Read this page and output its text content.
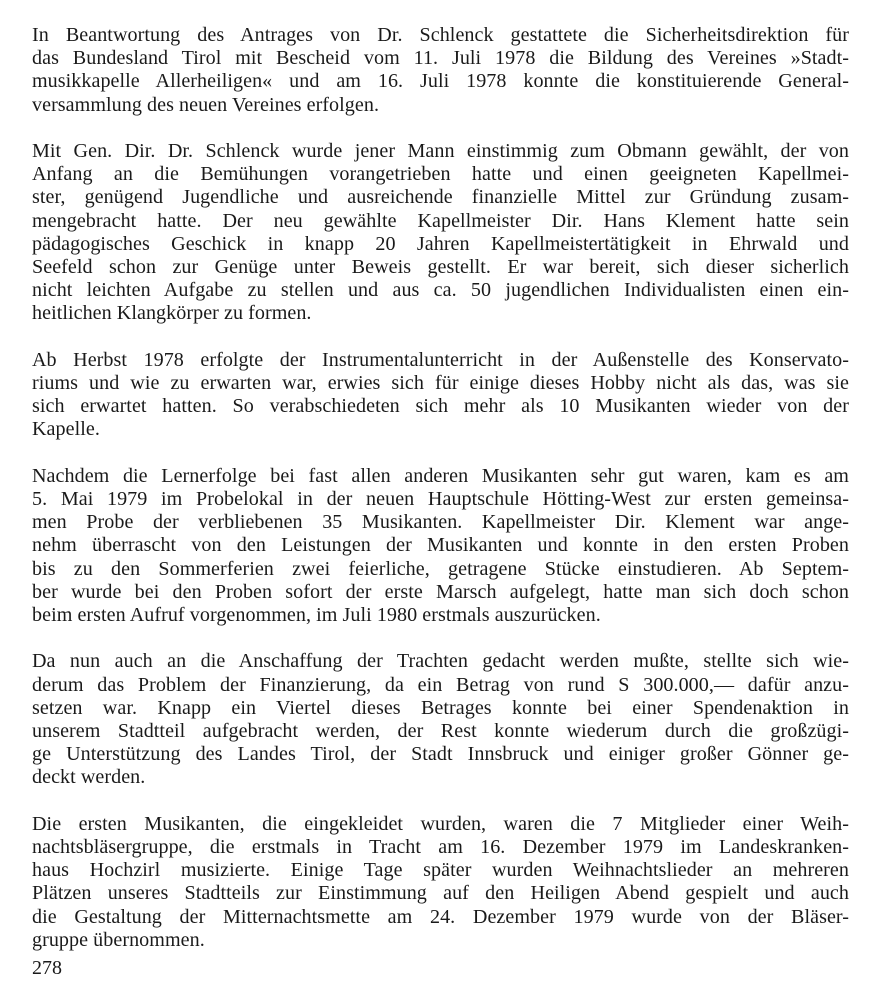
In Beantwortung des Antrages von Dr. Schlenck gestattete die Sicherheitsdirektion für
das Bundesland Tirol mit Bescheid vom 11. Juli 1978 die Bildung des Vereines »Stadt-
musikkapelle Allerheiligen« und am 16. Juli 1978 konnte die konstituierende General-
versammlung des neuen Vereines erfolgen.

Mit Gen. Dir. Dr. Schlenck wurde jener Mann einstimmig zum Obmann gewählt, der von
Anfang an die Bemühungen vorangetrieben hatte und einen geeigneten Kapellmei-
ster, genügend Jugendliche und ausreichende finanzielle Mittel zur Gründung zusam-
mengebracht hatte. Der neu gewählte Kapellmeister Dir. Hans Klement hatte sein
pädagogisches Geschick in knapp 20 Jahren Kapellmeistertätigkeit in Ehrwald und
Seefeld schon zur Genüge unter Beweis gestellt. Er war bereit, sich dieser sicherlich
nicht leichten Aufgabe zu stellen und aus ca. 50 jugendlichen Individualisten einen ein-
heitlichen Klangkörper zu formen.

Ab Herbst 1978 erfolgte der Instrumentalunterricht in der Außenstelle des Konservato-
riums und wie zu erwarten war, erwies sich für einige dieses Hobby nicht als das, was sie
sich erwartet hatten. So verabschiedeten sich mehr als 10 Musikanten wieder von der
Kapelle.

Nachdem die Lernerfolge bei fast allen anderen Musikanten sehr gut waren, kam es am
5. Mai 1979 im Probelokal in der neuen Hauptschule Hötting-West zur ersten gemeinsa-
men Probe der verbliebenen 35 Musikanten. Kapellmeister Dir. Klement war ange-
nehm überrascht von den Leistungen der Musikanten und konnte in den ersten Proben
bis zu den Sommerferien zwei feierliche, getragene Stücke einstudieren. Ab Septem-
ber wurde bei den Proben sofort der erste Marsch aufgelegt, hatte man sich doch schon
beim ersten Aufruf vorgenommen, im Juli 1980 erstmals auszurücken.

Da nun auch an die Anschaffung der Trachten gedacht werden mußte, stellte sich wie-
derum das Problem der Finanzierung, da ein Betrag von rund S 300.000,— dafür anzu-
setzen war. Knapp ein Viertel dieses Betrages konnte bei einer Spendenaktion in
unserem Stadtteil aufgebracht werden, der Rest konnte wiederum durch die großzügi-
ge Unterstützung des Landes Tirol, der Stadt Innsbruck und einiger großer Gönner ge-
deckt werden.

Die ersten Musikanten, die eingekleidet wurden, waren die 7 Mitglieder einer Weih-
nachtsbläsergruppe, die erstmals in Tracht am 16. Dezember 1979 im Landeskranken-
haus Hochzirl musizierte. Einige Tage später wurden Weihnachtslieder an mehreren
Plätzen unseres Stadtteils zur Einstimmung auf den Heiligen Abend gespielt und auch
die Gestaltung der Mitternachtsmette am 24. Dezember 1979 wurde von der Bläser-
gruppe übernommen.

278
